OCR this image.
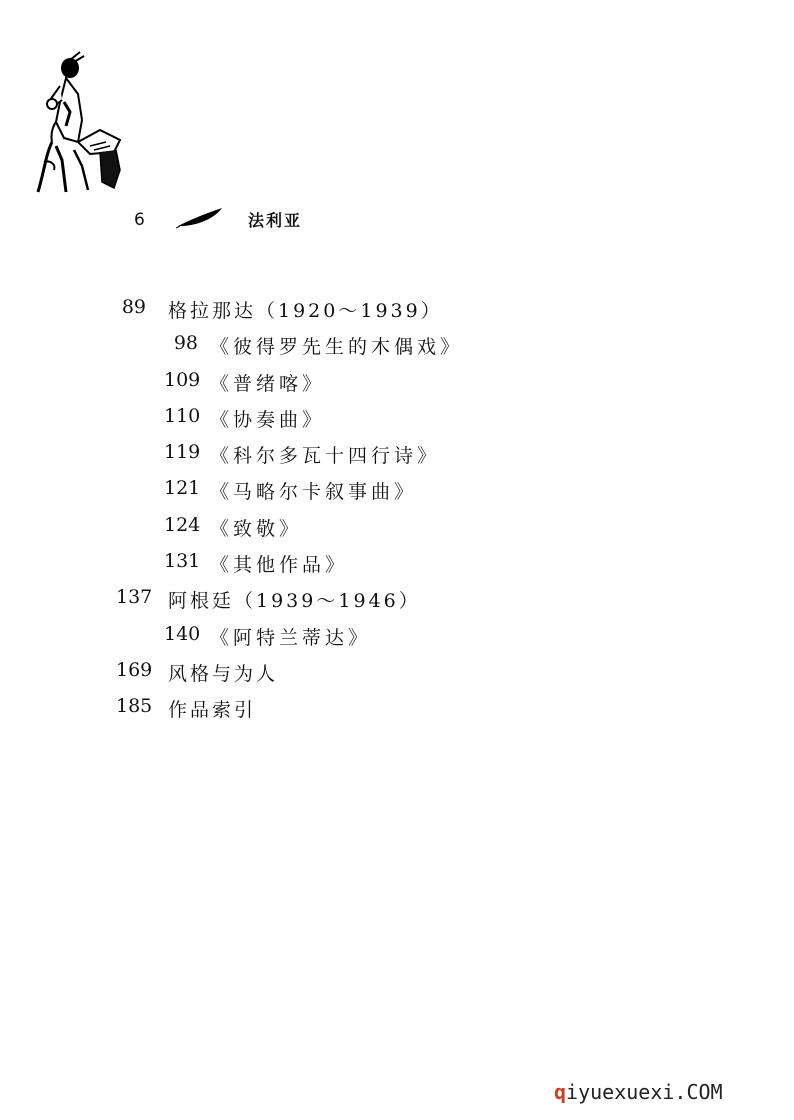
6	法利亚
89 格拉那达（1920～1939）
98 《彼得罗先生的木偶戏》
109 《普绪喀》
110 《协奏曲》
119 《科尔多瓦十四行诗》
121 《马略尔卡叙事曲》
124 《致敬》
131 《其他作品》
137 阿根廷（1939～1946）
140 《阿特兰蒂达》
169 风格与为人
185 作品索引
qiyuexuexi.COM
